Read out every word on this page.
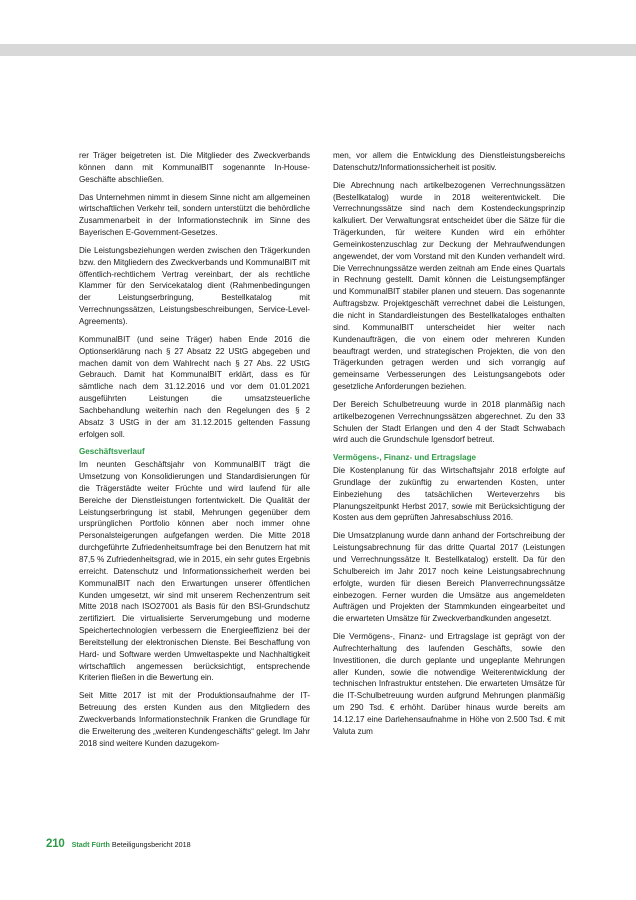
rer Träger beigetreten ist. Die Mitglieder des Zweckverbands können dann mit KommunalBIT sogenannte In-House-Geschäfte abschließen.

Das Unternehmen nimmt in diesem Sinne nicht am allgemeinen wirtschaftlichen Verkehr teil, sondern unterstützt die behördliche Zusammenarbeit in der Informationstechnik im Sinne des Bayerischen E-Government-Gesetzes.

Die Leistungsbeziehungen werden zwischen den Trägerkunden bzw. den Mitgliedern des Zweckverbands und KommunalBIT mit öffentlich-rechtlichem Vertrag vereinbart, der als rechtliche Klammer für den Servicekatalog dient (Rahmenbedingungen der Leistungserbringung, Bestellkatalog mit Verrechnungssätzen, Leistungsbeschreibungen, Service-Level-Agreements).

KommunalBIT (und seine Träger) haben Ende 2016 die Optionserklärung nach § 27 Absatz 22 UStG abgegeben und machen damit von dem Wahlrecht nach § 27 Abs. 22 UStG Gebrauch. Damit hat KommunalBIT erklärt, dass es für sämtliche nach dem 31.12.2016 und vor dem 01.01.2021 ausgeführten Leistungen die umsatzsteuerliche Sachbehandlung weiterhin nach den Regelungen des § 2 Absatz 3 UStG in der am 31.12.2015 geltenden Fassung erfolgen soll.

Geschäftsverlauf

Im neunten Geschäftsjahr von KommunalBIT trägt die Umsetzung von Konsolidierungen und Standardisierungen für die Trägerstädte weiter Früchte und wird laufend für alle Bereiche der Dienstleistungen fortentwickelt. Die Qualität der Leistungserbringung ist stabil, Mehrungen gegenüber dem ursprünglichen Portfolio können aber noch immer ohne Personalsteigerungen aufgefangen werden. Die Mitte 2018 durchgeführte Zufriedenheitsumfrage bei den Benutzern hat mit 87,5 % Zufriedenheitsgrad, wie in 2015, ein sehr gutes Ergebnis erreicht. Datenschutz und Informationssicherheit werden bei KommunalBIT nach den Erwartungen unserer öffentlichen Kunden umgesetzt, wir sind mit unserem Rechenzentrum seit Mitte 2018 nach ISO27001 als Basis für den BSI-Grundschutz zertifiziert. Die virtualisierte Serverumgebung und moderne Speichertechnologien verbessern die Energieeffizienz bei der Bereitstellung der elektronischen Dienste. Bei Beschaffung von Hard- und Software werden Umweltaspekte und Nachhaltigkeit wirtschaftlich angemessen berücksichtigt, entsprechende Kriterien fließen in die Bewertung ein.

Seit Mitte 2017 ist mit der Produktionsaufnahme der IT-Betreuung des ersten Kunden aus den Mitgliedern des Zweckverbands Informationstechnik Franken die Grundlage für die Erweiterung des „weiteren Kundengeschäfts“ gelegt. Im Jahr 2018 sind weitere Kunden dazugekom-

men, vor allem die Entwicklung des Dienstleistungsbereichs Datenschutz/Informationssicherheit ist positiv.

Die Abrechnung nach artikelbezogenen Verrechnungssätzen (Bestellkatalog) wurde in 2018 weiterentwickelt. Die Verrechnungssätze sind nach dem Kostendeckungsprinzip kalkuliert. Der Verwaltungsrat entscheidet über die Sätze für die Trägerkunden, für weitere Kunden wird ein erhöhter Gemeinkostenzuschlag zur Deckung der Mehraufwendungen angewendet, der vom Vorstand mit den Kunden verhandelt wird. Die Verrechnungssätze werden zeitnah am Ende eines Quartals in Rechnung gestellt. Damit können die Leistungsempfänger und KommunalBIT stabiler planen und steuern. Das sogenannte Auftragsbzw. Projektgeschäft verrechnet dabei die Leistungen, die nicht in Standardleistungen des Bestellkataloges enthalten sind. KommunalBIT unterscheidet hier weiter nach Kundenaufträgen, die von einem oder mehreren Kunden beauftragt werden, und strategischen Projekten, die von den Trägerkunden getragen werden und sich vorrangig auf gemeinsame Verbesserungen des Leistungsangebots oder gesetzliche Anforderungen beziehen.

Der Bereich Schulbetreuung wurde in 2018 planmäßig nach artikelbezogenen Verrechnungssätzen abgerechnet. Zu den 33 Schulen der Stadt Erlangen und den 4 der Stadt Schwabach wird auch die Grundschule Igensdorf betreut.

Vermögens-, Finanz- und Ertragslage

Die Kostenplanung für das Wirtschaftsjahr 2018 erfolgte auf Grundlage der zukünftig zu erwartenden Kosten, unter Einbeziehung des tatsächlichen Werteverzehrs bis Planungszeitpunkt Herbst 2017, sowie mit Berücksichtigung der Kosten aus dem geprüften Jahresabschluss 2016.

Die Umsatzplanung wurde dann anhand der Fortschreibung der Leistungsabrechnung für das dritte Quartal 2017 (Leistungen und Verrechnungssätze lt. Bestellkatalog) erstellt. Da für den Schulbereich im Jahr 2017 noch keine Leistungsabrechnung erfolgte, wurden für diesen Bereich Planverrechnungssätze einbezogen. Ferner wurden die Umsätze aus angemeldeten Aufträgen und Projekten der Stammkunden eingearbeitet und die erwarteten Umsätze für Zweckverbandkunden angesetzt.

Die Vermögens-, Finanz- und Ertragslage ist geprägt von der Aufrechterhaltung des laufenden Geschäfts, sowie den Investitionen, die durch geplante und ungeplante Mehrungen aller Kunden, sowie die notwendige Weiterentwicklung der technischen Infrastruktur entstehen. Die erwarteten Umsätze für die IT-Schulbetreuung wurden aufgrund Mehrungen planmäßig um 290 Tsd. € erhöht. Darüber hinaus wurde bereits am 14.12.17 eine Darlehensaufnahme in Höhe von 2.500 Tsd. € mit Valuta zum

210 Stadt Fürth Beteiligungsbericht 2018
